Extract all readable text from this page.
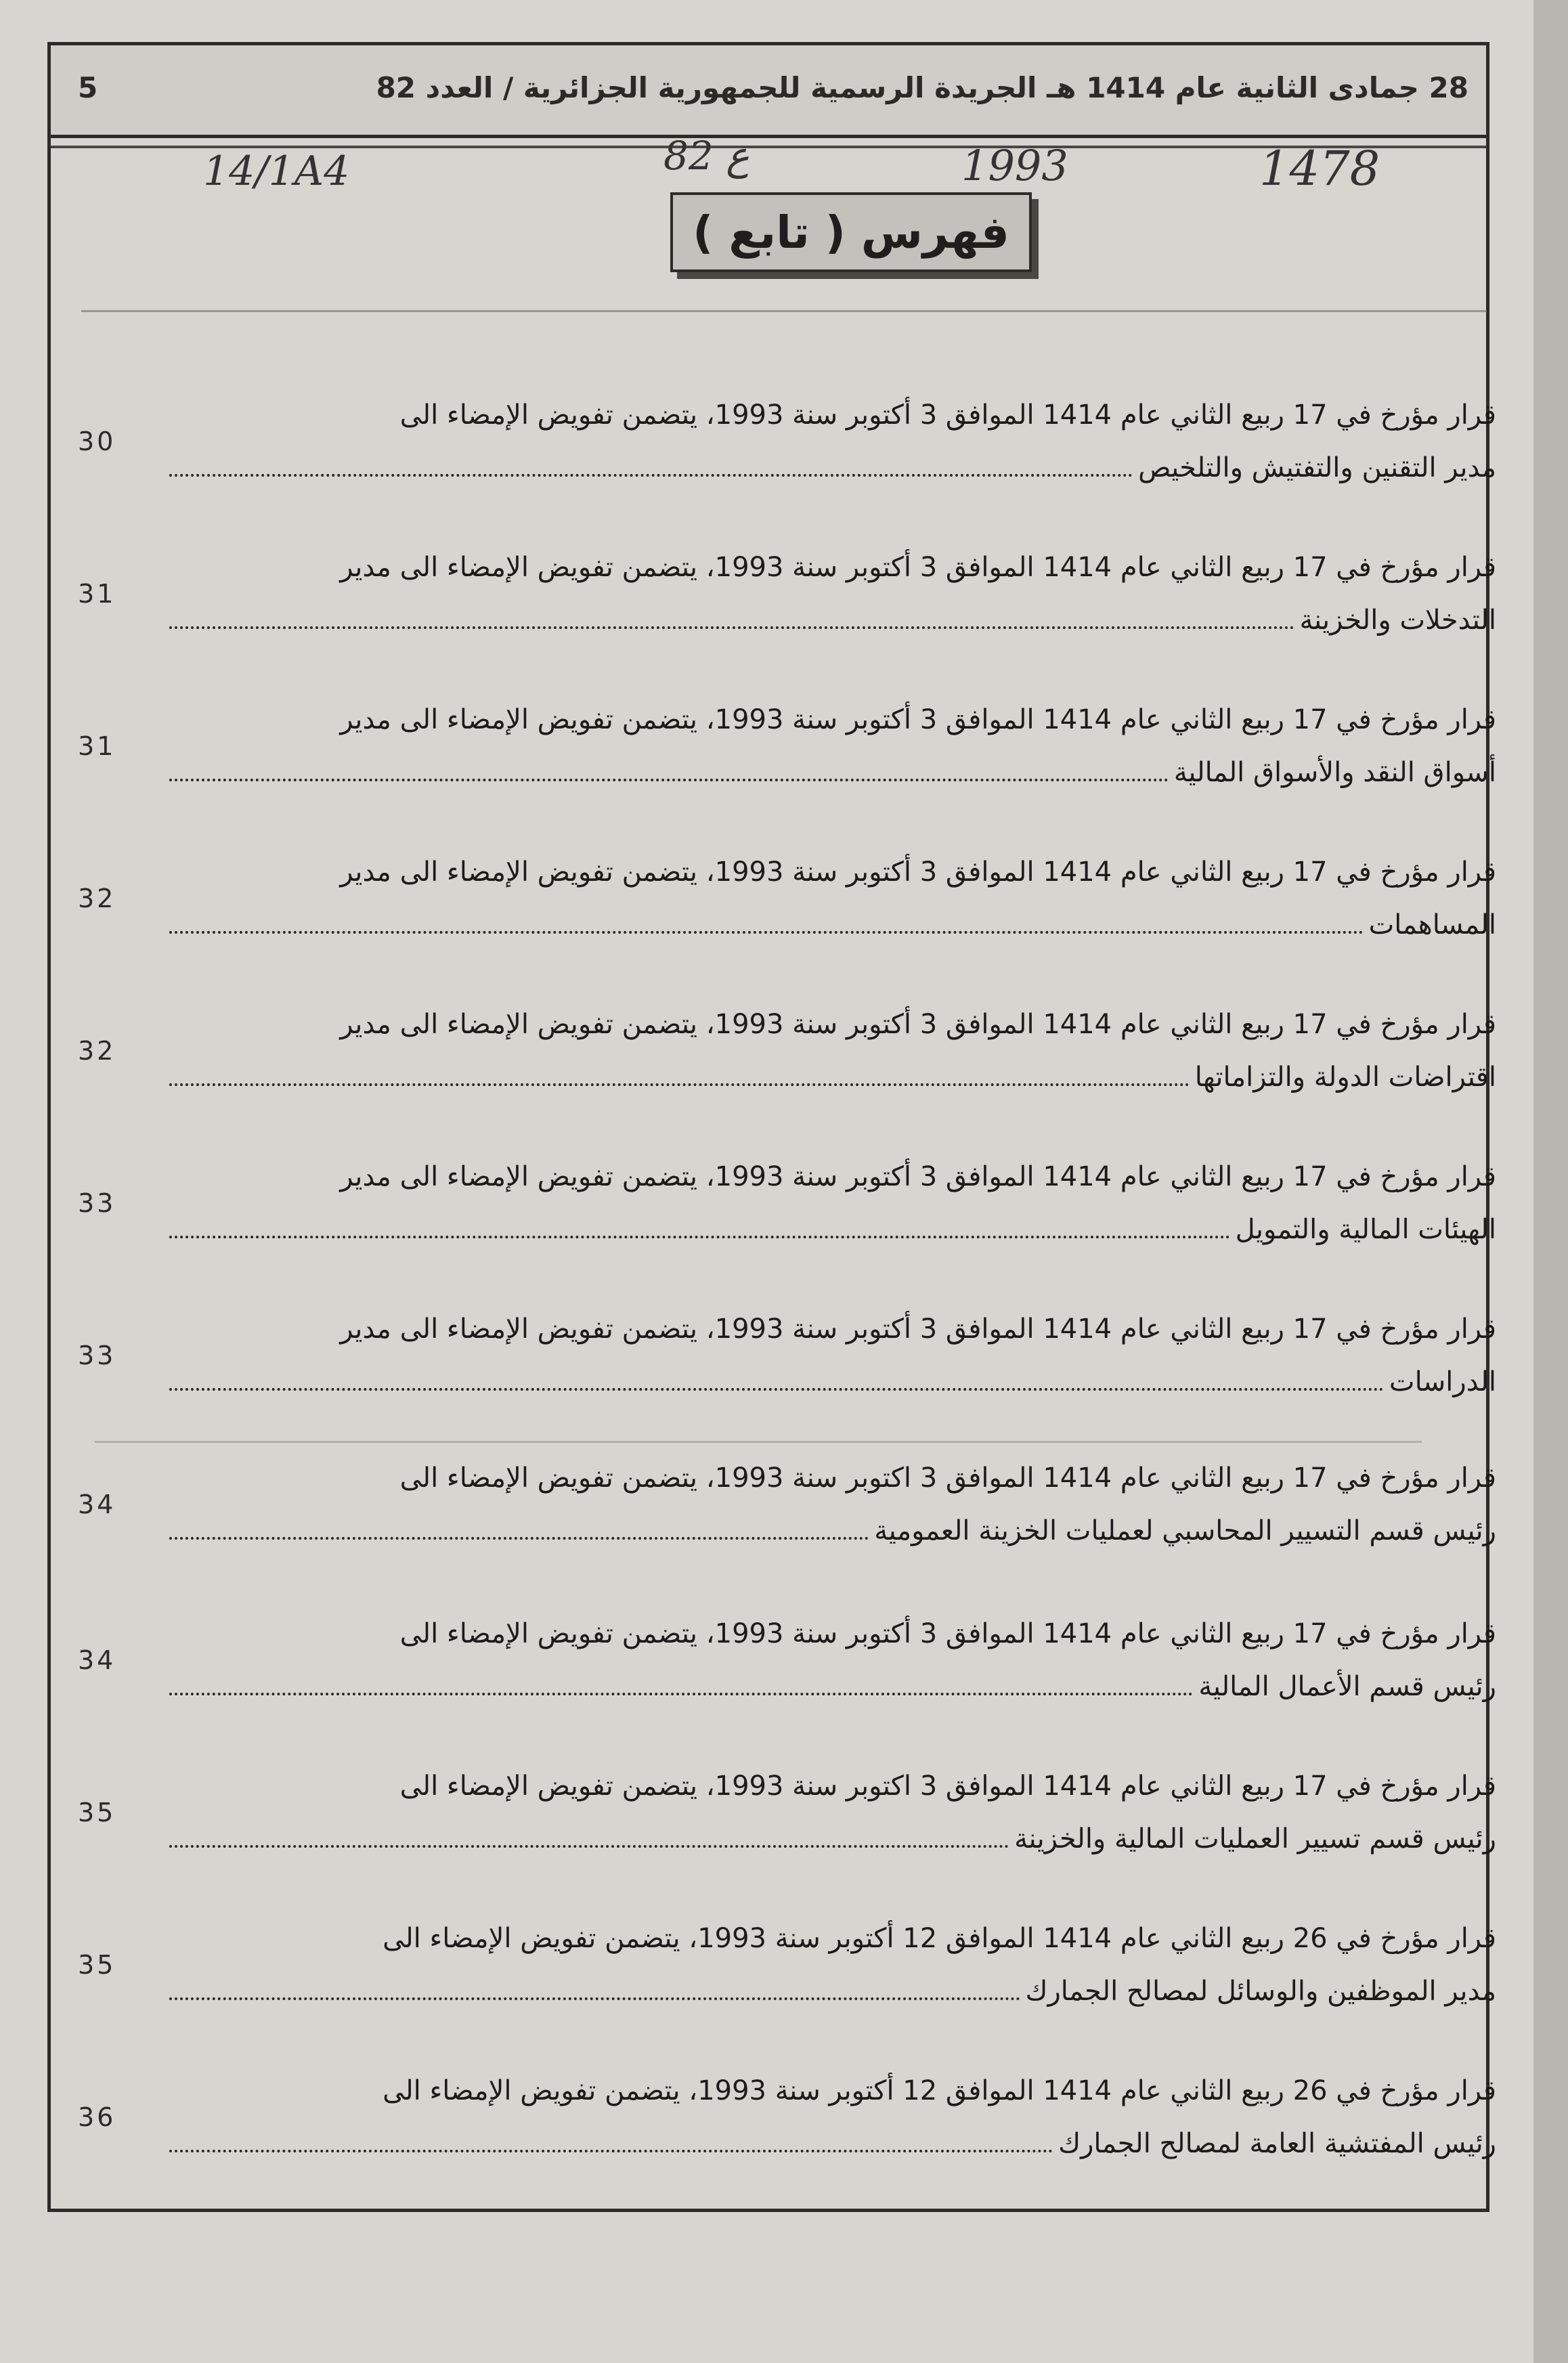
28 جمادى الثانية عام 1414 هـ الجريدة الرسمية للجمهورية الجزائرية / العدد 82
5
14/1A4	82 ع	1993	1478
فهرس ( تابع )
قرار مؤرخ في 17 ربيع الثاني عام 1414 الموافق 3 أكتوبر سنة 1993، يتضمن تفويض الإمضاء الى
مدير التقنين والتفتيش والتلخيص
30
قرار مؤرخ في 17 ربيع الثاني عام 1414 الموافق 3 أكتوبر سنة 1993، يتضمن تفويض الإمضاء الى مدير
التدخلات والخزينة
31
قرار مؤرخ في 17 ربيع الثاني عام 1414 الموافق 3 أكتوبر سنة 1993، يتضمن تفويض الإمضاء الى مدير
أسواق النقد والأسواق المالية
31
قرار مؤرخ في 17 ربيع الثاني عام 1414 الموافق 3 أكتوبر سنة 1993، يتضمن تفويض الإمضاء الى مدير
المساهمات
32
قرار مؤرخ في 17 ربيع الثاني عام 1414 الموافق 3 أكتوبر سنة 1993، يتضمن تفويض الإمضاء الى مدير
اقتراضات الدولة والتزاماتها
32
قرار مؤرخ في 17 ربيع الثاني عام 1414 الموافق 3 أكتوبر سنة 1993، يتضمن تفويض الإمضاء الى مدير
الهيئات المالية والتمويل
33
قرار مؤرخ في 17 ربيع الثاني عام 1414 الموافق 3 أكتوبر سنة 1993، يتضمن تفويض الإمضاء الى مدير
الدراسات
33
قرار مؤرخ في 17 ربيع الثاني عام 1414 الموافق 3 اكتوبر سنة 1993، يتضمن تفويض الإمضاء الى
رئيس قسم التسيير المحاسبي لعمليات الخزينة العمومية
34
قرار مؤرخ في 17 ربيع الثاني عام 1414 الموافق 3 أكتوبر سنة 1993، يتضمن تفويض الإمضاء الى
رئيس قسم الأعمال المالية
34
قرار مؤرخ في 17 ربيع الثاني عام 1414 الموافق 3 اكتوبر سنة 1993، يتضمن تفويض الإمضاء الى
رئيس قسم تسيير العمليات المالية والخزينة
35
قرار مؤرخ في 26 ربيع الثاني عام 1414 الموافق 12 أكتوبر سنة 1993، يتضمن تفويض الإمضاء الى
مدير الموظفين والوسائل لمصالح الجمارك
35
قرار مؤرخ في 26 ربيع الثاني عام 1414 الموافق 12 أكتوبر سنة 1993، يتضمن تفويض الإمضاء الى
رئيس المفتشية العامة لمصالح الجمارك
36
